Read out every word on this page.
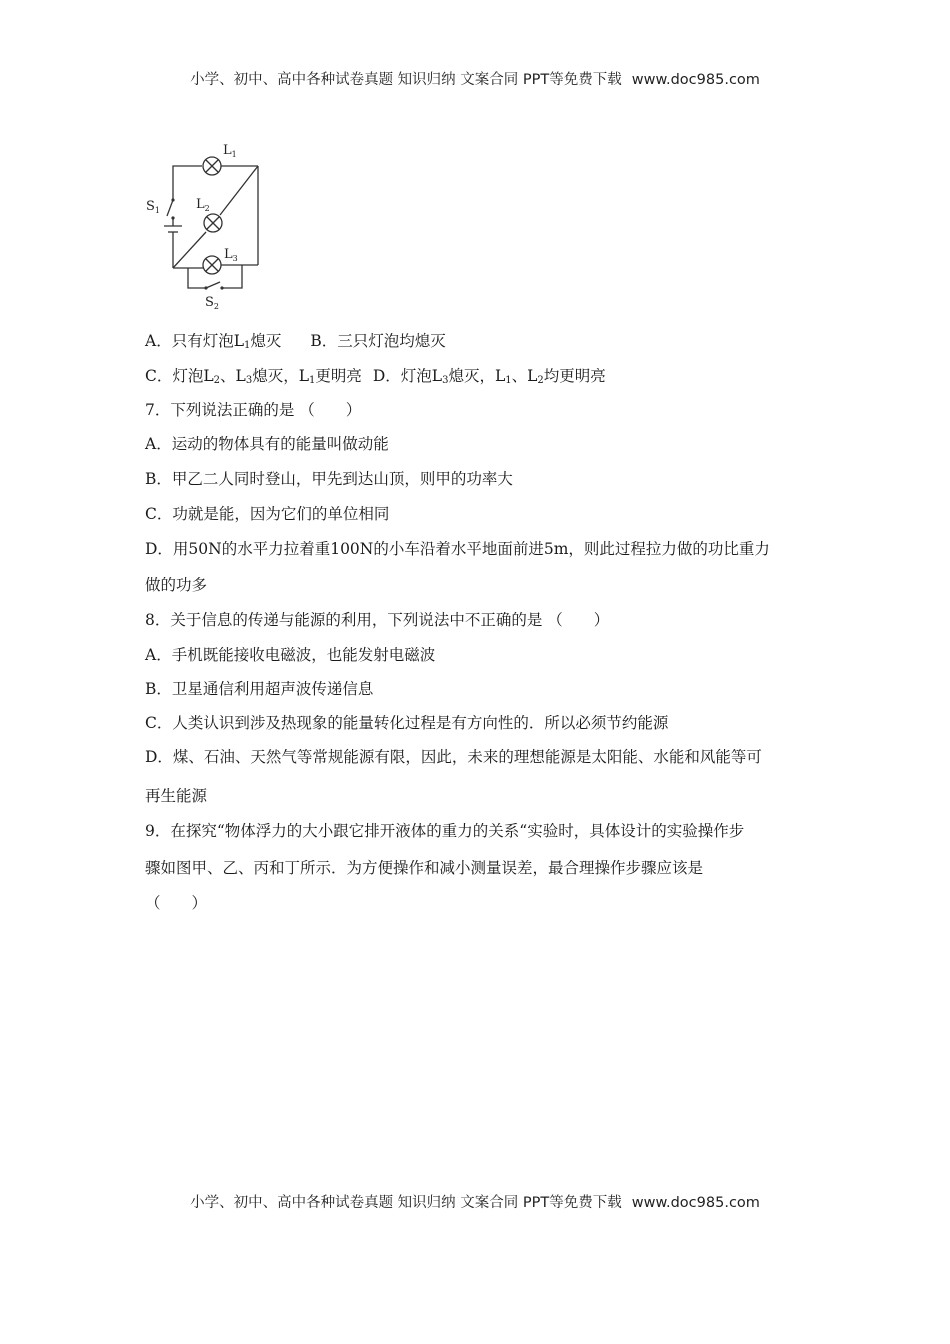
小学、初中、高中各种试卷真题 知识归纳 文案合同 PPT等免费下载 www.doc985.com
$L_1$
$L_2$
$L_3$
$S_1$
$S_2$
A．只有灯泡$L_1$熄灭 B．三只灯泡均熄灭
C．灯泡$L_2$、$L_3$熄灭，$L_1$更明亮 D．灯泡$L_3$熄灭，$L_1$、$L_2$均更明亮
7．下列说法正确的是 （　　）
A．运动的物体具有的能量叫做动能
B．甲乙二人同时登山，甲先到达山顶，则甲的功率大
C．功就是能，因为它们的单位相同
D．用50N的水平力拉着重100N的小车沿着水平地面前进5m，则此过程拉力做的功比重力
做的功多
8．关于信息的传递与能源的利用，下列说法中不正确的是 （　　）
A．手机既能接收电磁波，也能发射电磁波
B．卫星通信利用超声波传递信息
C．人类认识到涉及热现象的能量转化过程是有方向性的．所以必须节约能源
D．煤、石油、天然气等常规能源有限，因此，未来的理想能源是太阳能、水能和风能等可
再生能源
9．在探究“物体浮力的大小跟它排开液体的重力的关系“实验时，具体设计的实验操作步
骤如图甲、乙、丙和丁所示．为方便操作和减小测量误差，最合理操作步骤应该是
（　　）
小学、初中、高中各种试卷真题 知识归纳 文案合同 PPT等免费下载 www.doc985.com
